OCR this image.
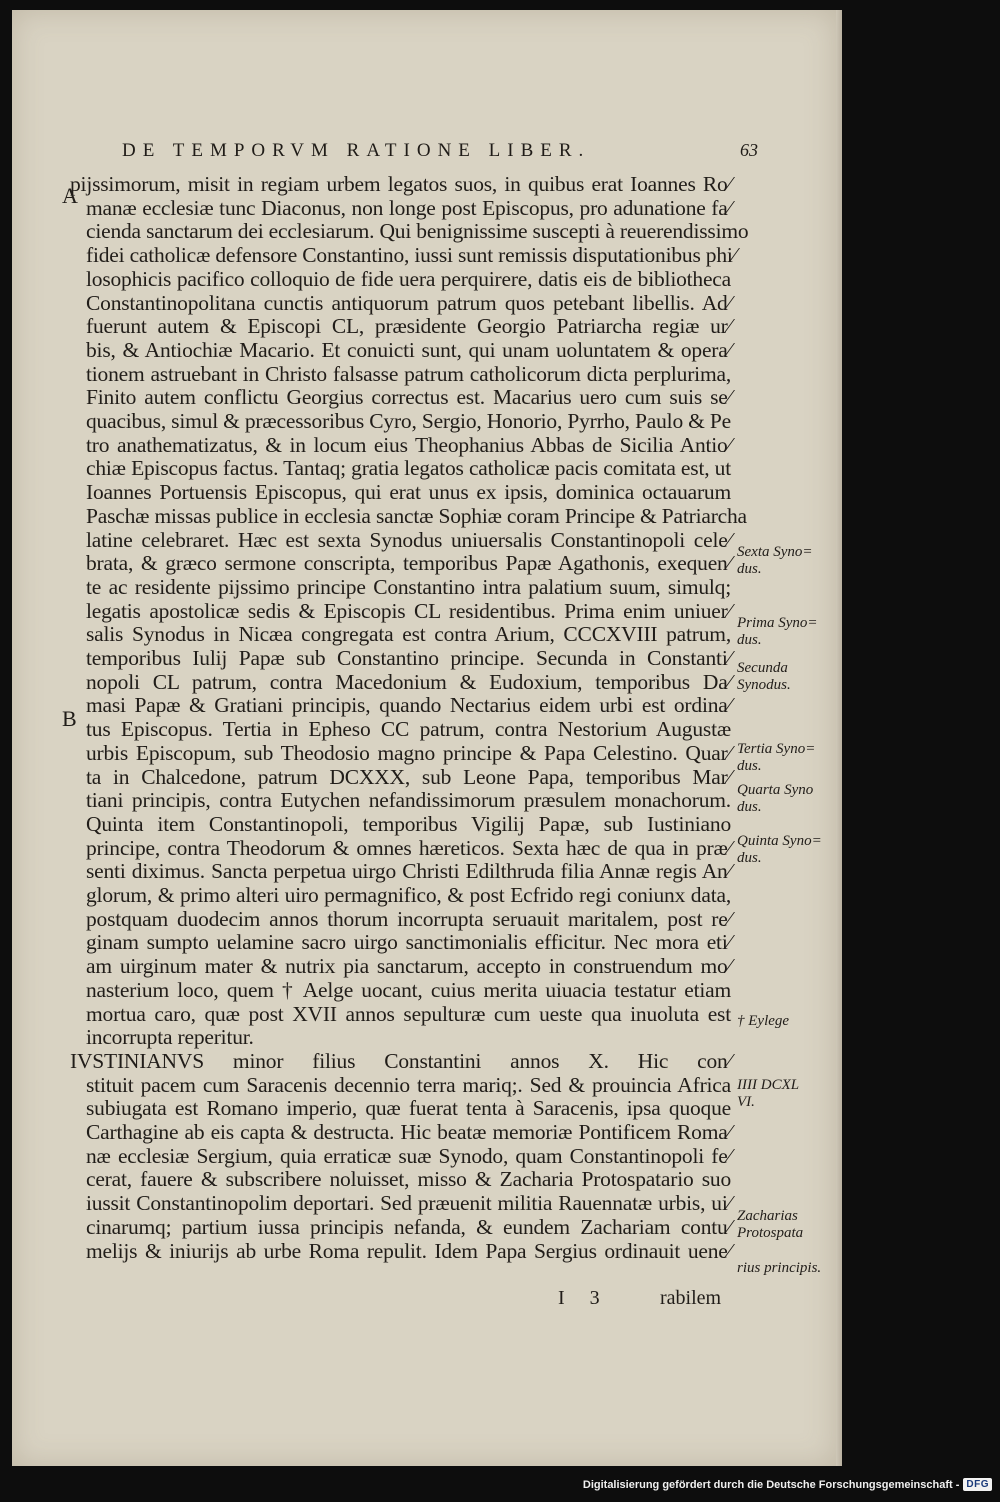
DE TEMPORVM RATIONE LIBER.	63
A
B
pijssimorum, misit in regiam urbem legatos suos, in quibus erat Ioannes Ro⁄
manæ ecclesiæ tunc Diaconus, non longe post Episcopus, pro adunatione fa⁄
cienda sanctarum dei ecclesiarum. Qui benignissime suscepti à reuerendissimo
fidei catholicæ defensore Constantino, iussi sunt remissis disputationibus phi⁄
losophicis pacifico colloquio de fide uera perquirere, datis eis de bibliotheca
Constantinopolitana cunctis antiquorum patrum quos petebant libellis. Ad⁄
fuerunt autem & Episcopi CL, præsidente Georgio Patriarcha regiæ ur⁄
bis, & Antiochiæ Macario. Et conuicti sunt, qui unam uoluntatem & opera⁄
tionem astruebant in Christo falsasse patrum catholicorum dicta perplurima,
Finito autem conflictu Georgius correctus est. Macarius uero cum suis se⁄
quacibus, simul & præcessoribus Cyro, Sergio, Honorio, Pyrrho, Paulo & Pe
tro anathematizatus, & in locum eius Theophanius Abbas de Sicilia Antio⁄
chiæ Episcopus factus. Tantaq; gratia legatos catholicæ pacis comitata est, ut
Ioannes Portuensis Episcopus, qui erat unus ex ipsis, dominica octauarum
Paschæ missas publice in ecclesia sanctæ Sophiæ coram Principe & Patriarcha
latine celebraret. Hæc est sexta Synodus uniuersalis Constantinopoli cele⁄
brata, & græco sermone conscripta, temporibus Papæ Agathonis, exequen⁄
te ac residente pijssimo principe Constantino intra palatium suum, simulq;
legatis apostolicæ sedis & Episcopis CL residentibus. Prima enim uniuer⁄
salis Synodus in Nicæa congregata est contra Arium, CCCXVIII patrum,
temporibus Iulij Papæ sub Constantino principe. Secunda in Constanti⁄
nopoli CL patrum, contra Macedonium & Eudoxium, temporibus Da⁄
masi Papæ & Gratiani principis, quando Nectarius eidem urbi est ordina⁄
tus Episcopus. Tertia in Epheso CC patrum, contra Nestorium Augustæ
urbis Episcopum, sub Theodosio magno principe & Papa Celestino. Quar⁄
ta in Chalcedone, patrum DCXXX, sub Leone Papa, temporibus Mar⁄
tiani principis, contra Eutychen nefandissimorum præsulem monachorum.
Quinta item Constantinopoli, temporibus Vigilij Papæ, sub Iustiniano
principe, contra Theodorum & omnes hæreticos. Sexta hæc de qua in præ⁄
senti diximus. Sancta perpetua uirgo Christi Edilthruda filia Annæ regis An⁄
glorum, & primo alteri uiro permagnifico, & post Ecfrido regi coniunx data,
postquam duodecim annos thorum incorrupta seruauit maritalem, post re⁄
ginam sumpto uelamine sacro uirgo sanctimonialis efficitur. Nec mora eti⁄
am uirginum mater & nutrix pia sanctarum, accepto in construendum mo⁄
nasterium loco, quem † Aelge uocant, cuius merita uiuacia testatur etiam
mortua caro, quæ post XVII annos sepulturæ cum ueste qua inuoluta est
incorrupta reperitur.
IVSTINIANVS minor filius Constantini annos X. Hic con⁄
stituit pacem cum Saracenis decennio terra mariq;. Sed & prouincia Africa
subiugata est Romano imperio, quæ fuerat tenta à Saracenis, ipsa quoque
Carthagine ab eis capta & destructa. Hic beatæ memoriæ Pontificem Roma⁄
næ ecclesiæ Sergium, quia erraticæ suæ Synodo, quam Constantinopoli fe⁄
cerat, fauere & subscribere noluisset, misso & Zacharia Protospatario suo
iussit Constantinopolim deportari. Sed præuenit militia Rauennatæ urbis, ui⁄
cinarumq; partium iussa principis nefanda, & eundem Zachariam contu⁄
melijs & iniurijs ab urbe Roma repulit. Idem Papa Sergius ordinauit uene⁄
Sexta Syno=
dus.
Prima Syno=
dus.
Secunda
Synodus.
Tertia Syno=
dus.
Quarta Syno
dus.
Quinta Syno=
dus.
† Eylege
IIII DCXL
VI.
Zacharias
Protospata
rius principis.
I 3	rabilem
Digitalisierung gefördert durch die Deutsche Forschungsgemeinschaft - DFG
